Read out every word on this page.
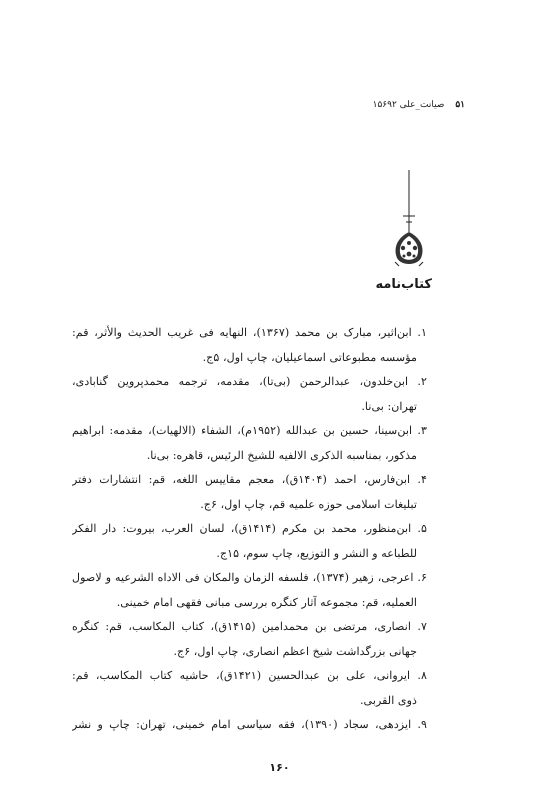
۵۱ صیانت_علی ۱۵۶۹۲
کتاب‌نامه
۱. ابن‌اثیر، مبارک بن محمد (۱۳۶۷)، النهایه فی غریب الحدیث والأثر، قم:
مؤسسه مطبوعاتی اسماعیلیان، چاپ اول، ۵ج.
۲. ابن‌خلدون، عبدالرحمن (بی‌تا)، مقدمه، ترجمه محمدپروین گنابادی،
تهران: بی‌نا.
۳. ابن‌سینا، حسین بن عبدالله (۱۹۵۲م)، الشفاء (الالهیات)، مقدمه: ابراهیم
مذکور، بمناسبه الذکری الالفیه للشیخ الرئیس، قاهره: بی‌نا.
۴. ابن‌فارس، احمد (۱۴۰۴ق)، معجم مقاییس اللغه، قم: انتشارات دفتر
تبلیغات اسلامی حوزه علمیه قم، چاپ اول، ۶ج.
۵. ابن‌منظور، محمد بن مکرم (۱۴۱۴ق)، لسان العرب، بیروت: دار الفکر
للطباعه و النشر و التوزیع، چاپ سوم، ۱۵ج.
۶. اعرجی، زهیر (۱۳۷۴)، فلسفه الزمان والمکان فی الاداه الشرعیه و لاصول
العملیه، قم: مجموعه آثار کنگره بررسی مبانی فقهی امام خمینی.
۷. انصاری، مرتضی بن محمدامین (۱۴۱۵ق)، کتاب المکاسب، قم: کنگره
جهانی بزرگداشت شیخ اعظم انصاری، چاپ اول، ۶ج.
۸. ایروانی، علی بن عبدالحسین (۱۴۲۱ق)، حاشیه کتاب المکاسب، قم:
ذوی القربی.
۹. ایزدهی، سجاد (۱۳۹۰)، فقه سیاسی امام خمینی، تهران: چاپ و نشر
۱۶۰
